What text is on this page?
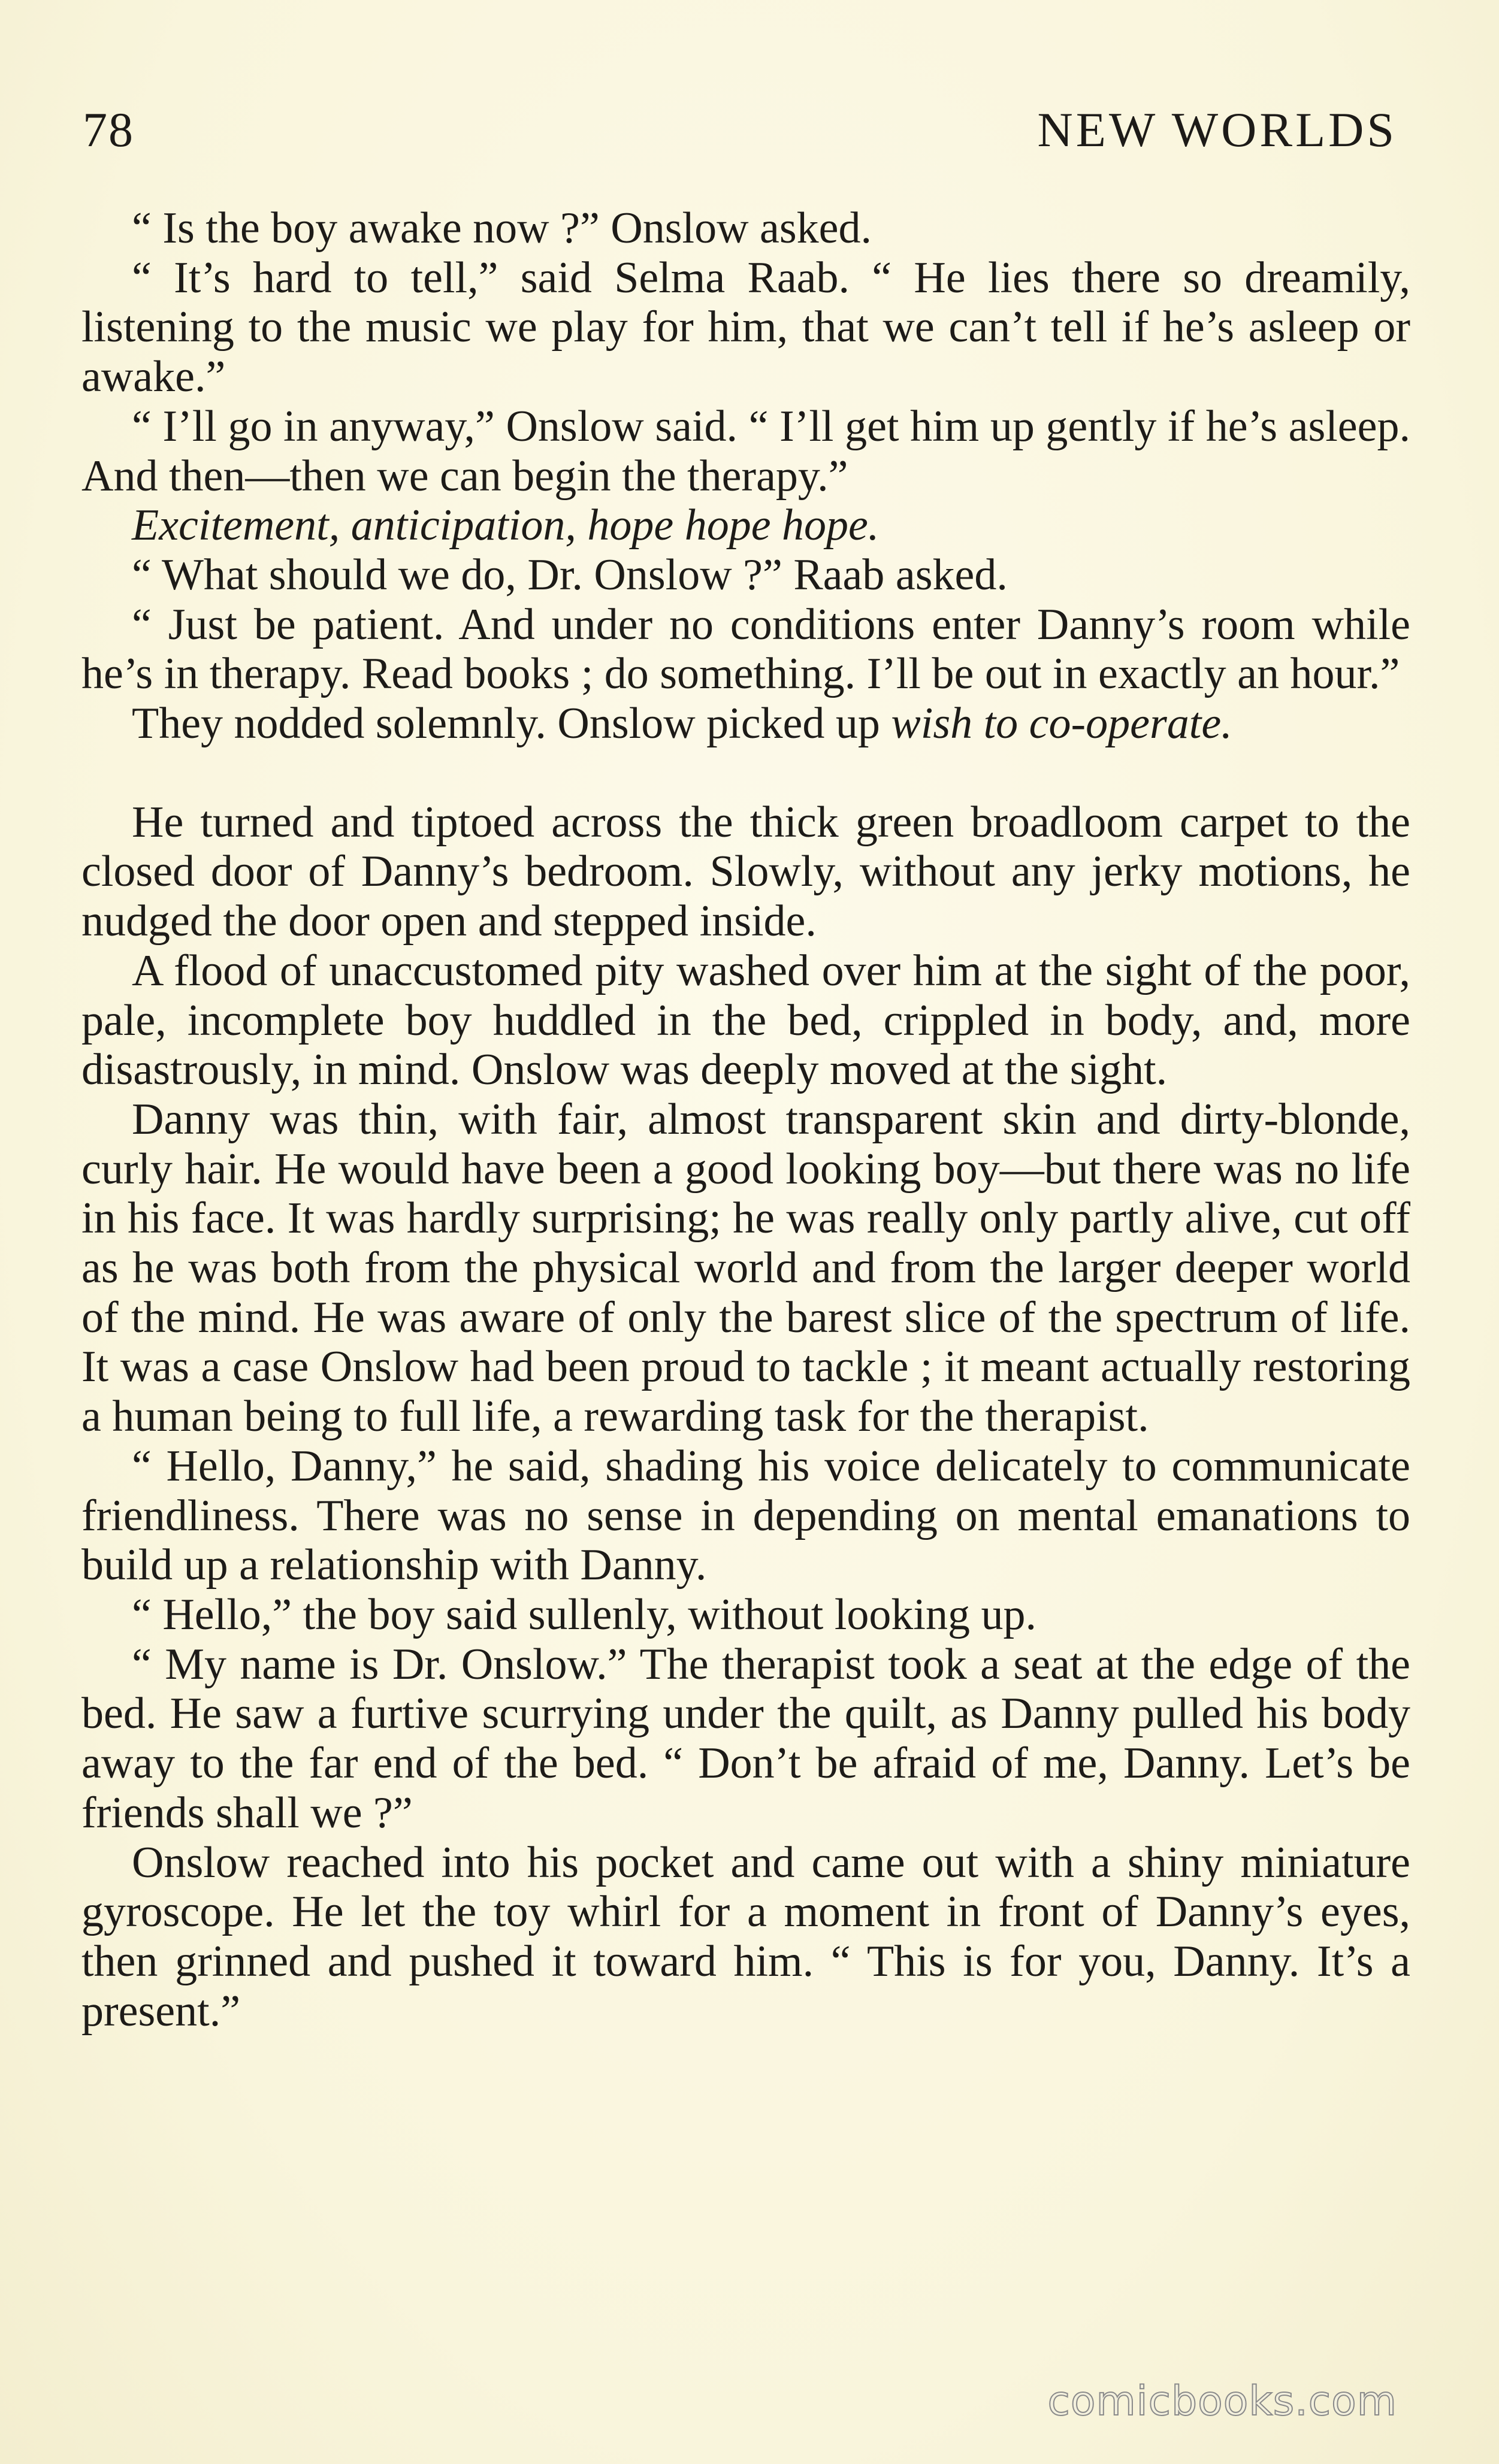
78	NEW WORLDS

“ Is the boy awake now ?” Onslow asked.

“ It’s hard to tell,” said Selma Raab. “ He lies there so dreamily, listening to the music we play for him, that we can’t tell if he’s asleep or awake.”

“ I’ll go in anyway,” Onslow said. “ I’ll get him up gently if he’s asleep. And then—then we can begin the therapy.”

Excitement, anticipation, hope hope hope.

“ What should we do, Dr. Onslow ?” Raab asked.

“ Just be patient. And under no conditions enter Danny’s room while he’s in therapy. Read books ; do something. I’ll be out in exactly an hour.”

They nodded solemnly. Onslow picked up wish to co-operate.

He turned and tiptoed across the thick green broadloom carpet to the closed door of Danny’s bedroom. Slowly, without any jerky motions, he nudged the door open and stepped inside.

A flood of unaccustomed pity washed over him at the sight of the poor, pale, incomplete boy huddled in the bed, crippled in body, and, more disastrously, in mind. Onslow was deeply moved at the sight.

Danny was thin, with fair, almost transparent skin and dirty-blonde, curly hair. He would have been a good looking boy—but there was no life in his face. It was hardly surprising; he was really only partly alive, cut off as he was both from the physical world and from the larger deeper world of the mind. He was aware of only the barest slice of the spectrum of life. It was a case Onslow had been proud to tackle ; it meant actually restoring a human being to full life, a rewarding task for the therapist.

“ Hello, Danny,” he said, shading his voice delicately to communicate friendliness. There was no sense in depending on mental emanations to build up a relationship with Danny.

“ Hello,” the boy said sullenly, without looking up.

“ My name is Dr. Onslow.” The therapist took a seat at the edge of the bed. He saw a furtive scurrying under the quilt, as Danny pulled his body away to the far end of the bed. “ Don’t be afraid of me, Danny. Let’s be friends shall we ?”

Onslow reached into his pocket and came out with a shiny miniature gyroscope. He let the toy whirl for a moment in front of Danny’s eyes, then grinned and pushed it toward him. “ This is for you, Danny. It’s a present.”

comicbooks.com
